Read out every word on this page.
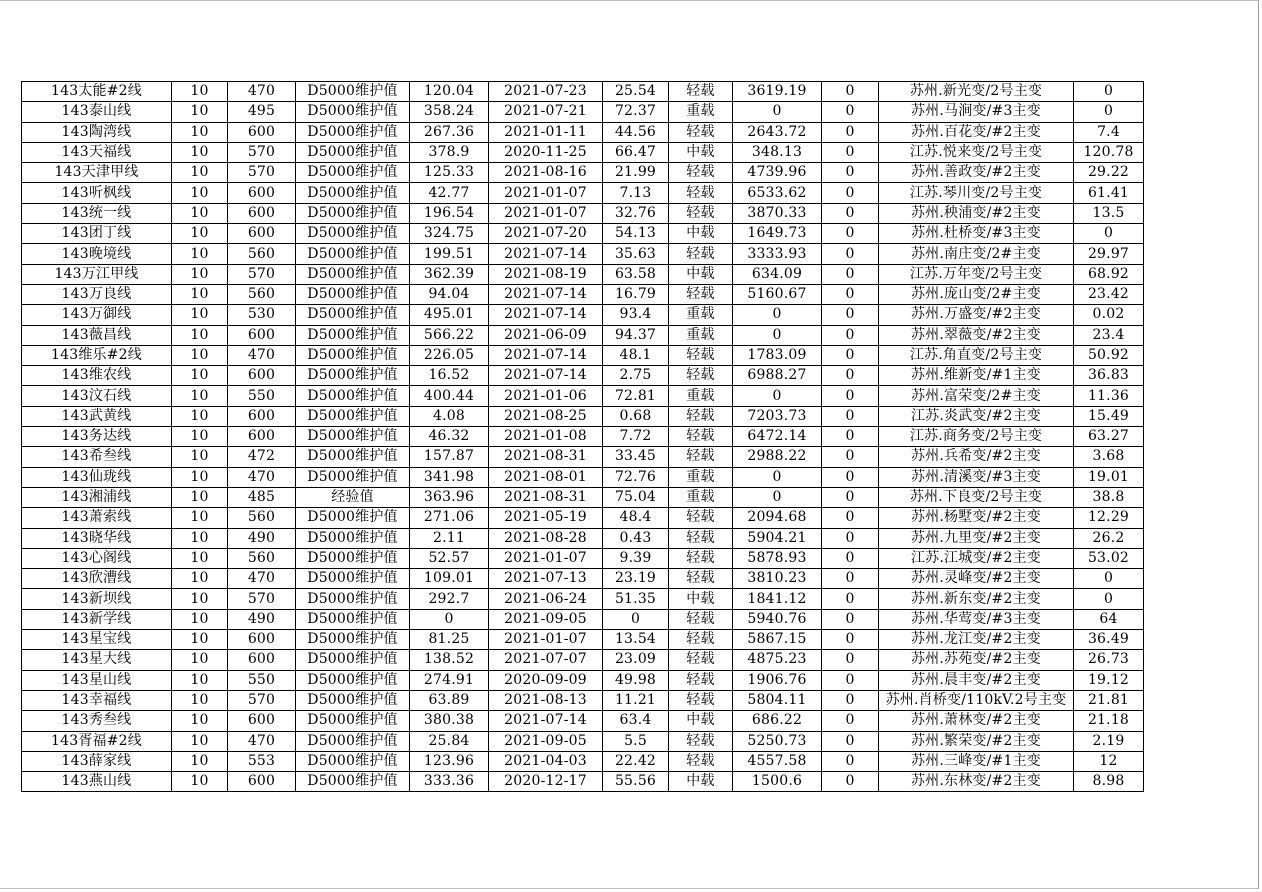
143太能#2线	10	470	D5000维护值	120.04	2021-07-23	25.54	轻载	3619.19	0	苏州.新光变/2号主变	0
143泰山线	10	495	D5000维护值	358.24	2021-07-21	72.37	重载	0	0	苏州.马涧变/#3主变	0
143陶湾线	10	600	D5000维护值	267.36	2021-01-11	44.56	轻载	2643.72	0	苏州.百花变/#2主变	7.4
143天福线	10	570	D5000维护值	378.9	2020-11-25	66.47	中载	348.13	0	江苏.悦来变/2号主变	120.78
143天津甲线	10	570	D5000维护值	125.33	2021-08-16	21.99	轻载	4739.96	0	苏州.善政变/#2主变	29.22
143听枫线	10	600	D5000维护值	42.77	2021-01-07	7.13	轻载	6533.62	0	江苏.琴川变/2号主变	61.41
143统一线	10	600	D5000维护值	196.54	2021-01-07	32.76	轻载	3870.33	0	苏州.秧浦变/#2主变	13.5
143团丁线	10	600	D5000维护值	324.75	2021-07-20	54.13	中载	1649.73	0	苏州.杜桥变/#3主变	0
143晚境线	10	560	D5000维护值	199.51	2021-07-14	35.63	轻载	3333.93	0	苏州.南庄变/2#主变	29.97
143万江甲线	10	570	D5000维护值	362.39	2021-08-19	63.58	中载	634.09	0	江苏.万年变/2号主变	68.92
143万良线	10	560	D5000维护值	94.04	2021-07-14	16.79	轻载	5160.67	0	苏州.庞山变/2#主变	23.42
143万御线	10	530	D5000维护值	495.01	2021-07-14	93.4	重载	0	0	苏州.万盛变/#2主变	0.02
143薇昌线	10	600	D5000维护值	566.22	2021-06-09	94.37	重载	0	0	苏州.翠薇变/#2主变	23.4
143维乐#2线	10	470	D5000维护值	226.05	2021-07-14	48.1	轻载	1783.09	0	江苏.角直变/2号主变	50.92
143维农线	10	600	D5000维护值	16.52	2021-07-14	2.75	轻载	6988.27	0	苏州.维新变/#1主变	36.83
143汶石线	10	550	D5000维护值	400.44	2021-01-06	72.81	重载	0	0	苏州.富荣变/2#主变	11.36
143武黄线	10	600	D5000维护值	4.08	2021-08-25	0.68	轻载	7203.73	0	江苏.炎武变/#2主变	15.49
143务达线	10	600	D5000维护值	46.32	2021-01-08	7.72	轻载	6472.14	0	江苏.商务变/2号主变	63.27
143希叁线	10	472	D5000维护值	157.87	2021-08-31	33.45	轻载	2988.22	0	苏州.兵希变/#2主变	3.68
143仙珑线	10	470	D5000维护值	341.98	2021-08-01	72.76	重载	0	0	苏州.清溪变/#3主变	19.01
143湘浦线	10	485	经验值	363.96	2021-08-31	75.04	重载	0	0	苏州.下良变/2号主变	38.8
143萧索线	10	560	D5000维护值	271.06	2021-05-19	48.4	轻载	2094.68	0	苏州.杨墅变/#2主变	12.29
143晓华线	10	490	D5000维护值	2.11	2021-08-28	0.43	轻载	5904.21	0	苏州.九里变/#2主变	26.2
143心阁线	10	560	D5000维护值	52.57	2021-01-07	9.39	轻载	5878.93	0	江苏.江城变/#2主变	53.02
143欣漕线	10	470	D5000维护值	109.01	2021-07-13	23.19	轻载	3810.23	0	苏州.灵峰变/#2主变	0
143新坝线	10	570	D5000维护值	292.7	2021-06-24	51.35	中载	1841.12	0	苏州.新东变/#2主变	0
143新学线	10	490	D5000维护值	0	2021-09-05	0	轻载	5940.76	0	苏州.华莺变/#3主变	64
143星宝线	10	600	D5000维护值	81.25	2021-01-07	13.54	轻载	5867.15	0	苏州.龙江变/#2主变	36.49
143星大线	10	600	D5000维护值	138.52	2021-07-07	23.09	轻载	4875.23	0	苏州.苏苑变/#2主变	26.73
143星山线	10	550	D5000维护值	274.91	2020-09-09	49.98	轻载	1906.76	0	苏州.晨丰变/#2主变	19.12
143幸福线	10	570	D5000维护值	63.89	2021-08-13	11.21	轻载	5804.11	0	苏州.肖桥变/110kV.2号主变	21.81
143秀叁线	10	600	D5000维护值	380.38	2021-07-14	63.4	中载	686.22	0	苏州.萧林变/#2主变	21.18
143胥福#2线	10	470	D5000维护值	25.84	2021-09-05	5.5	轻载	5250.73	0	苏州.繁荣变/#2主变	2.19
143薛家线	10	553	D5000维护值	123.96	2021-04-03	22.42	轻载	4557.58	0	苏州.三峰变/#1主变	12
143燕山线	10	600	D5000维护值	333.36	2020-12-17	55.56	中载	1500.6	0	苏州.东林变/#2主变	8.98
